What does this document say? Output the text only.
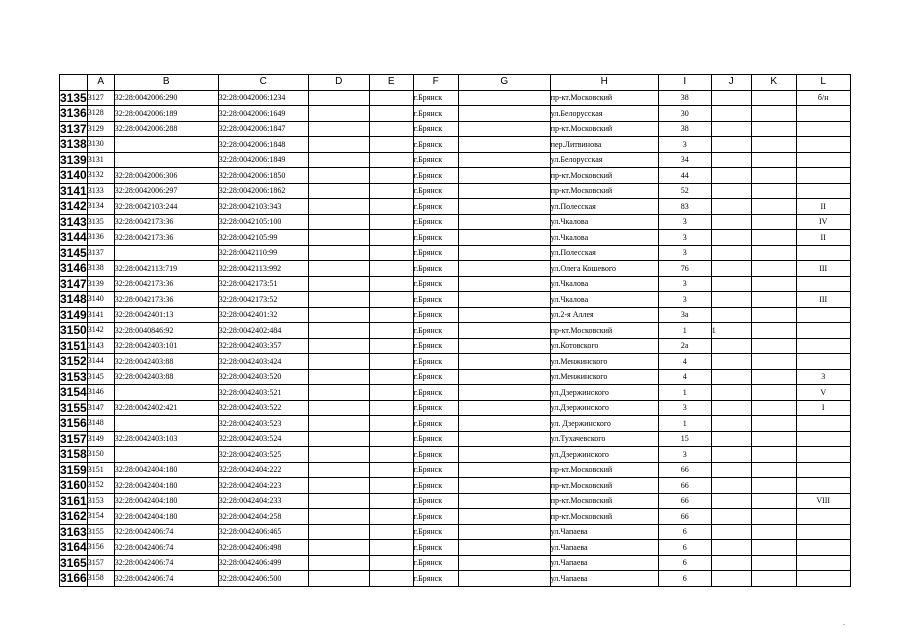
	A	B	C	D	E	F	G	H	I	J	K	L
3135	3127	32:28:0042006:290	32:28:0042006:1234			г.Брянск		пр-кт.Московский	38			б/н
3136	3128	32:28:0042006:189	32:28:0042006:1649			г.Брянск		ул.Белорусская	30			
3137	3129	32:28:0042006:288	32:28:0042006:1847			г.Брянск		пр-кт.Московский	38			
3138	3130		32:28:0042006:1848			г.Брянск		пер.Литвинова	3			
3139	3131		32:28:0042006:1849			г.Брянск		ул.Белорусская	34			
3140	3132	32:28:0042006:306	32:28:0042006:1850			г.Брянск		пр-кт.Московский	44			
3141	3133	32:28:0042006:297	32:28:0042006:1862			г.Брянск		пр-кт.Московский	52			
3142	3134	32:28:0042103:244	32:28:0042103:343			г.Брянск		ул.Полесская	83			II
3143	3135	32:28:0042173:36	32:28:0042105:100			г.Брянск		ул.Чкалова	3			IV
3144	3136	32:28:0042173:36	32:28:0042105:99			г.Брянск		ул.Чкалова	3			II
3145	3137		32:28:0042110:99			г.Брянск		ул.Полесская	3			
3146	3138	32:28:0042113:719	32:28:0042113:992			г.Брянск		ул.Олега Кошевого	76			III
3147	3139	32:28:0042173:36	32:28:0042173:51			г.Брянск		ул.Чкалова	3			
3148	3140	32:28:0042173:36	32:28:0042173:52			г.Брянск		ул.Чкалова	3			III
3149	3141	32:28:0042401:13	32:28:0042401:32			г.Брянск		ул.2-я Аллея	3а			
3150	3142	32:28:0040846:92	32:28:0042402:484			г.Брянск		пр-кт.Московский	1	1		
3151	3143	32:28:0042403:101	32:28:0042403:357			г.Брянск		ул.Котовского	2а			
3152	3144	32:28:0042403:88	32:28:0042403:424			г.Брянск		ул.Менжинского	4			
3153	3145	32:28:0042403:88	32:28:0042403:520			г.Брянск		ул.Менжинского	4			3
3154	3146		32:28:0042403:521			г.Брянск		ул.Дзержинского	1			V
3155	3147	32:28:0042402:421	32:28:0042403:522			г.Брянск		ул.Дзержинского	3			I
3156	3148		32:28:0042403:523			г.Брянск		ул. Дзержинского	1			
3157	3149	32:28:0042403:103	32:28:0042403:524			г.Брянск		ул.Тухачевского	15			
3158	3150		32:28:0042403:525			г.Брянск		ул.Дзержинского	3			
3159	3151	32:28:0042404:180	32:28:0042404:222			г.Брянск		пр-кт.Московский	66			
3160	3152	32:28:0042404:180	32:28:0042404:223			г.Брянск		пр-кт.Московский	66			
3161	3153	32:28:0042404:180	32:28:0042404:233			г.Брянск		пр-кт.Московский	66			VIII
3162	3154	32:28:0042404:180	32:28:0042404:258			г.Брянск		пр-кт.Московский	66			
3163	3155	32:28:0042406:74	32:28:0042406:465			г.Брянск		ул.Чапаева	6			
3164	3156	32:28:0042406:74	32:28:0042406:498			г.Брянск		ул.Чапаева	6			
3165	3157	32:28:0042406:74	32:28:0042406:499			г.Брянск		ул.Чапаева	6			
3166	3158	32:28:0042406:74	32:28:0042406:500			г.Брянск		ул.Чапаева	6			
